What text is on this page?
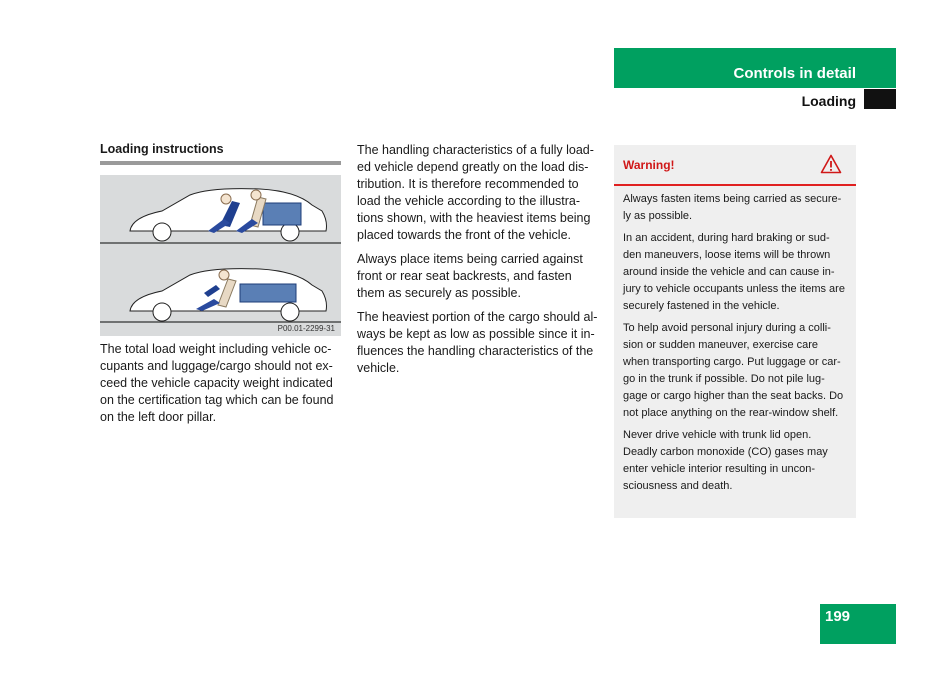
Controls in detail
Loading
Loading instructions
P00.01-2299-31

The total load weight including vehicle oc-cupants and luggage/cargo should not ex-ceed the vehicle capacity weight indicated on the certification tag which can be found on the left door pillar.

The handling characteristics of a fully load-ed vehicle depend greatly on the load dis-tribution. It is therefore recommended to load the vehicle according to the illustra-tions shown, with the heaviest items being placed towards the front of the vehicle.

Always place items being carried against front or rear seat backrests, and fasten them as securely as possible.

The heaviest portion of the cargo should al-ways be kept as low as possible since it in-fluences the handling characteristics of the vehicle.

Warning!

Always fasten items being carried as secure-ly as possible.

In an accident, during hard braking or sud-den maneuvers, loose items will be thrown around inside the vehicle and can cause in-jury to vehicle occupants unless the items are securely fastened in the vehicle.

To help avoid personal injury during a colli-sion or sudden maneuver, exercise care when transporting cargo. Put luggage or car-go in the trunk if possible. Do not pile lug-gage or cargo higher than the seat backs. Do not place anything on the rear-window shelf.

Never drive vehicle with trunk lid open. Deadly carbon monoxide (CO) gases may enter vehicle interior resulting in uncon-sciousness and death.

199
